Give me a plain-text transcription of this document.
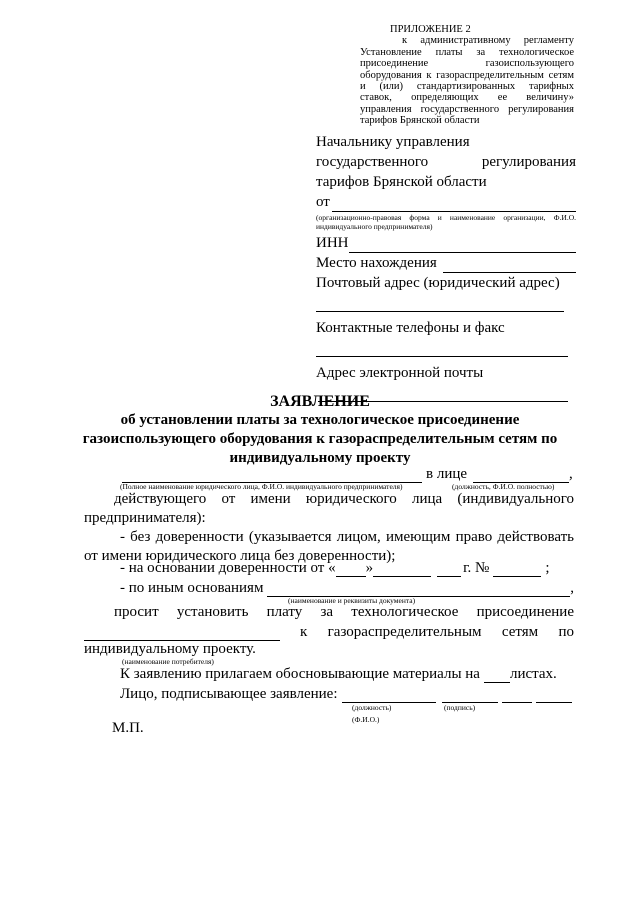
ПРИЛОЖЕНИЕ 2
к административному регламенту Установление платы за технологическое присоединение газоиспользующего оборудования к газораспределительным сетям и (или) стандартизированных тарифных ставок, определяющих ее величину» управления государственного регулирования тарифов Брянской области
Начальнику управления
государственного	регулирования
тарифов Брянской области
от
(организационно-правовая форма и наименование организации, Ф.И.О. индивидуального предпринимателя)
ИНН
Место нахождения
Почтовый адрес (юридический адрес)
Контактные телефоны и факс
Адрес электронной почты
ЗАЯВЛЕНИЕ
об установлении платы за технологическое присоединение газоиспользующего оборудования к газораспределительным сетям по индивидуальному проекту
в лице	,
(Полное наименование юридического лица, Ф.И.О. индивидуального предпринимателя)	(должность, Ф.И.О. полностью)
действующего от имени юридического лица (индивидуального предпринимателя):
- без доверенности (указывается лицом, имеющим право действовать от имени юридического лица без доверенности);
- на основании доверенности от « »	г. №	;
- по иным основаниям	,
(наименование и реквизиты документа)
просит установить плату за технологическое присоединение
к газораспределительным сетям по
индивидуальному проекту.
(наименование потребителя)
К заявлению прилагаем обосновывающие материалы на листах.
Лицо, подписывающее заявление:
(должность)	(подпись)
(Ф.И.О.)
М.П.
